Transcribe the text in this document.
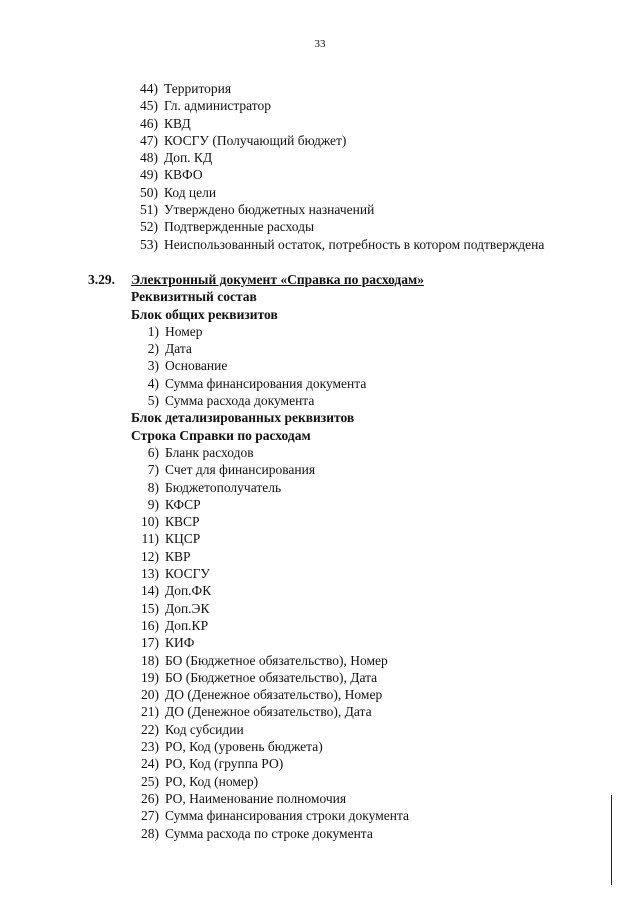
33
44) Территория
45) Гл. администратор
46) КВД
47) КОСГУ (Получающий бюджет)
48) Доп. КД
49) КВФО
50) Код цели
51) Утверждено бюджетных назначений
52) Подтвержденные расходы
53) Неиспользованный остаток, потребность в котором подтверждена
3.29.	Электронный документ «Справка по расходам»
Реквизитный состав
Блок общих реквизитов
1) Номер
2) Дата
3) Основание
4) Сумма финансирования документа
5) Сумма расхода документа
Блок детализированных реквизитов
Строка Справки по расходам
6) Бланк расходов
7) Счет для финансирования
8) Бюджетополучатель
9) КФСР
10) КВСР
11) КЦСР
12) КВР
13) КОСГУ
14) Доп.ФК
15) Доп.ЭК
16) Доп.КР
17) КИФ
18) БО (Бюджетное обязательство), Номер
19) БО (Бюджетное обязательство), Дата
20) ДО (Денежное обязательство), Номер
21) ДО (Денежное обязательство), Дата
22) Код субсидии
23) РО, Код (уровень бюджета)
24) РО, Код (группа РО)
25) РО, Код (номер)
26) РО, Наименование полномочия
27) Сумма финансирования строки документа
28) Сумма расхода по строке документа
